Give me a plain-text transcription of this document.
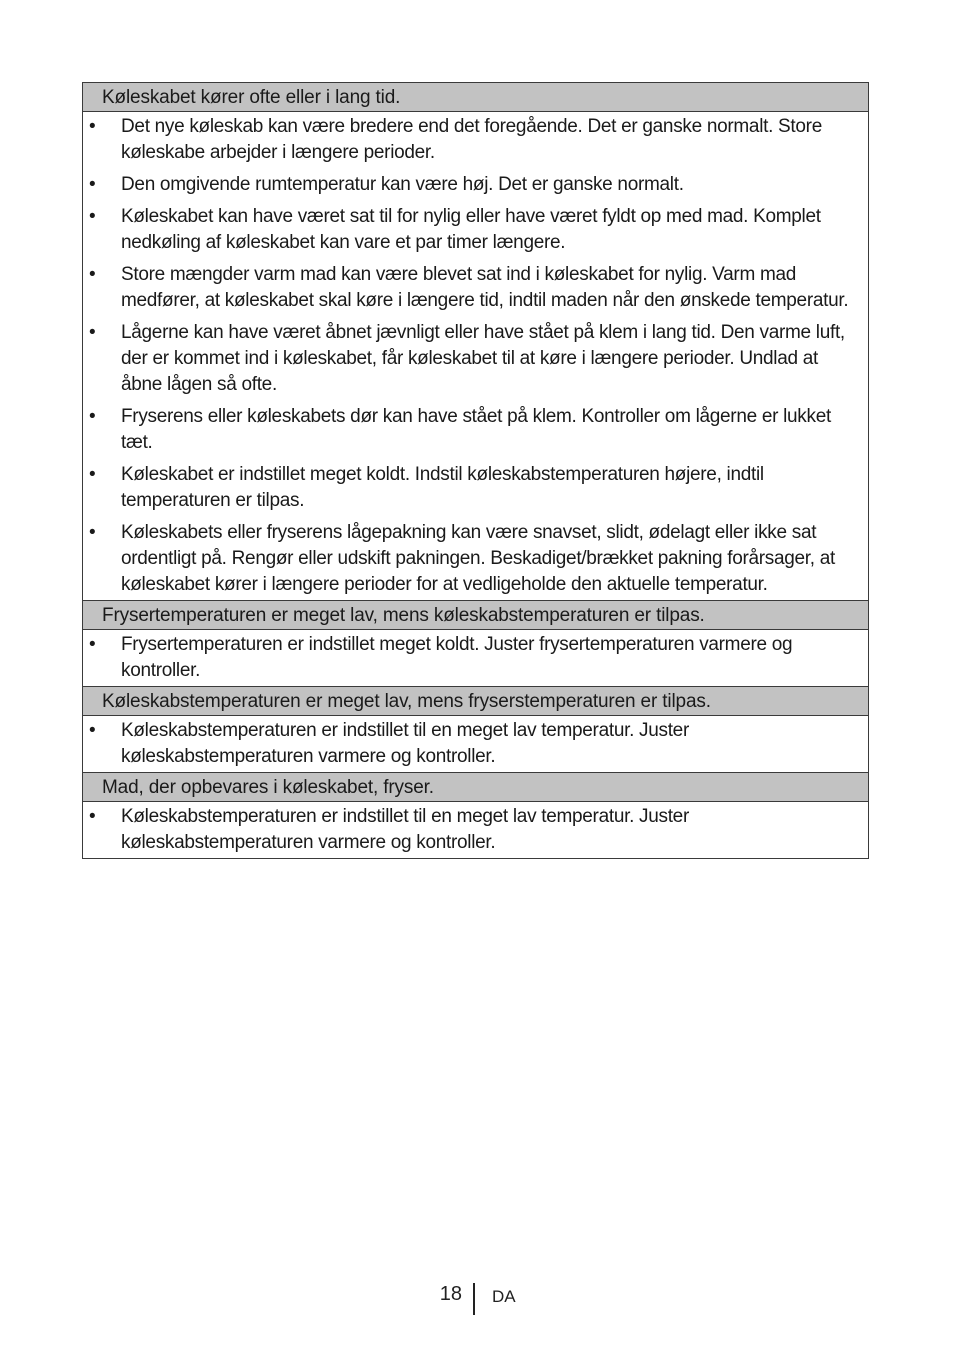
Køleskabet kører ofte eller i lang tid.
• Det nye køleskab kan være bredere end det foregående. Det er ganske normalt. Store køleskabe arbejder i længere perioder.
• Den omgivende rumtemperatur kan være høj. Det er ganske normalt.
• Køleskabet kan have været sat til for nylig eller have været fyldt op med mad. Komplet nedkøling af køleskabet kan vare et par timer længere.
• Store mængder varm mad kan være blevet sat ind i køleskabet for nylig. Varm mad medfører, at køleskabet skal køre i længere tid, indtil maden når den ønskede temperatur.
• Lågerne kan have været åbnet jævnligt eller have stået på klem i lang tid. Den varme luft, der er kommet ind i køleskabet, får køleskabet til at køre i længere perioder. Undlad at åbne lågen så ofte.
• Fryserens eller køleskabets dør kan have stået på klem. Kontroller om lågerne er lukket tæt.
• Køleskabet er indstillet meget koldt. Indstil køleskabstemperaturen højere, indtil temperaturen er tilpas.
• Køleskabets eller fryserens lågepakning kan være snavset, slidt, ødelagt eller ikke sat ordentligt på. Rengør eller udskift pakningen. Beskadiget/brækket pakning forårsager, at køleskabet kører i længere perioder for at vedligeholde den aktuelle temperatur.
Frysertemperaturen er meget lav, mens køleskabstemperaturen er tilpas.
• Frysertemperaturen er indstillet meget koldt. Juster frysertemperaturen varmere og kontroller.
Køleskabstemperaturen er meget lav, mens fryserstemperaturen er tilpas.
• Køleskabstemperaturen er indstillet til en meget lav temperatur. Juster køleskabstemperaturen varmere og kontroller.
Mad, der opbevares i køleskabet, fryser.
• Køleskabstemperaturen er indstillet til en meget lav temperatur. Juster køleskabstemperaturen varmere og kontroller.
18 DA
